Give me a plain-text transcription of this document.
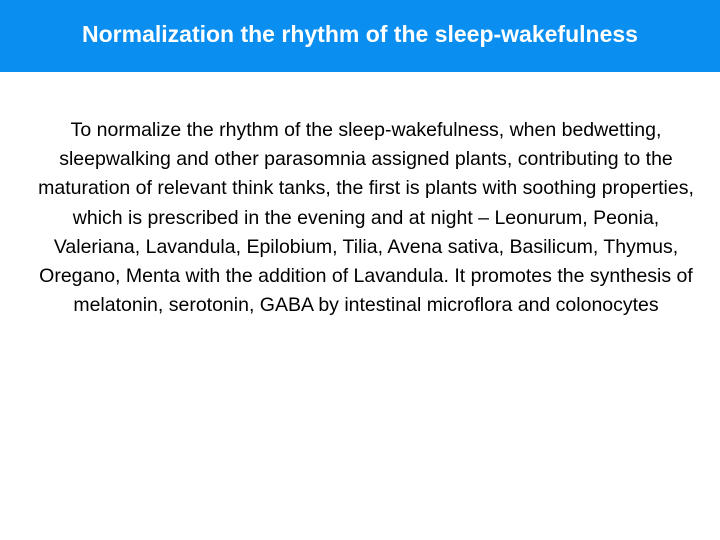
Normalization the rhythm of the sleep-wakefulness

To normalize the rhythm of the sleep-wakefulness, when bedwetting, sleepwalking and other parasomnia assigned plants, contributing to the maturation of relevant think tanks, the first is plants with soothing properties, which is prescribed in the evening and at night – Leonurum, Peonia, Valeriana, Lavandula, Epilobium, Tilia, Avena sativa, Basilicum, Thymus, Oregano, Menta with the addition of Lavandula. It promotes the synthesis of melatonin, serotonin, GABA by intestinal microflora and colonocytes
